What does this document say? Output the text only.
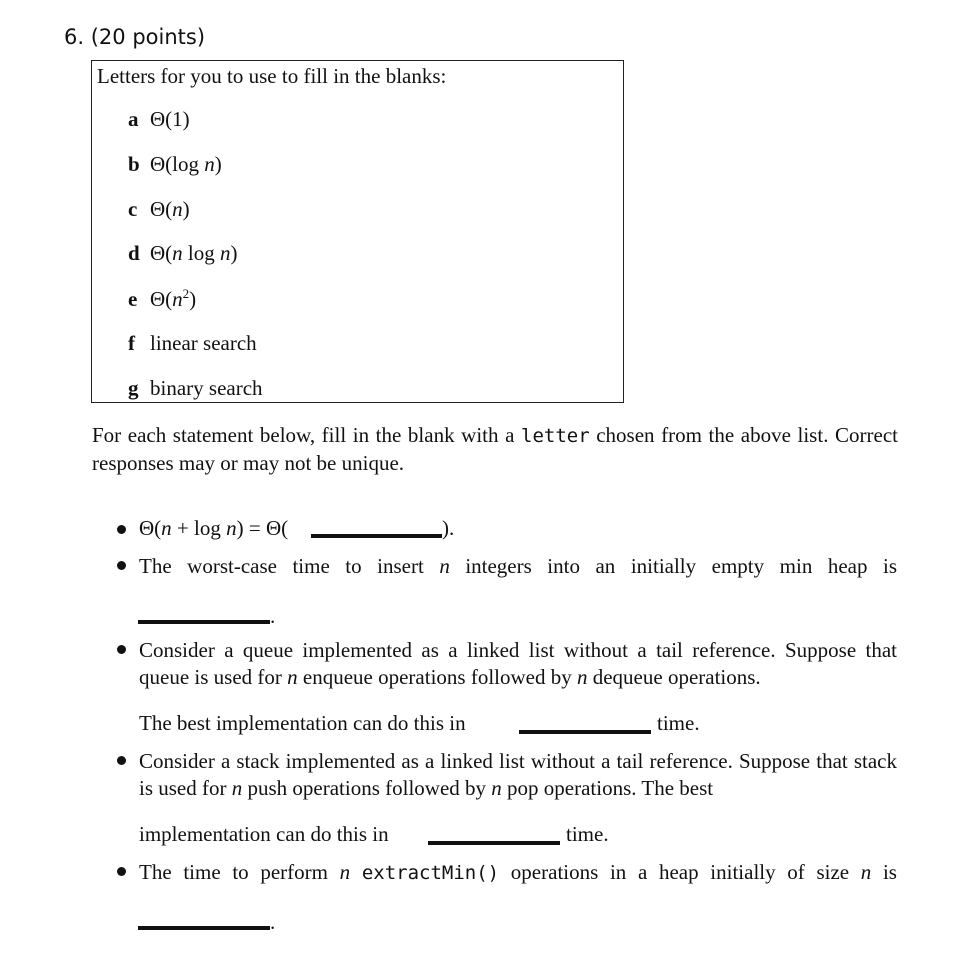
6. (20 points)
Letters for you to use to fill in the blanks:
a Θ(1)
b Θ(log n)
c Θ(n)
d Θ(n log n)
e $\Theta(n^2)$
f linear search
g binary search
For each statement below, fill in the blank with a letter chosen from the above list. Correct responses may or may not be unique.
Θ(n + log n) = Θ(	).
The worst-case time to insert n integers into an initially empty min heap is
.
Consider a queue implemented as a linked list without a tail reference. Suppose that queue is used for n enqueue operations followed by n dequeue operations.
The best implementation can do this in	time.
Consider a stack implemented as a linked list without a tail reference. Suppose that stack is used for n push operations followed by n pop operations. The best
implementation can do this in	time.
The time to perform n extractMin() operations in a heap initially of size n is
.
